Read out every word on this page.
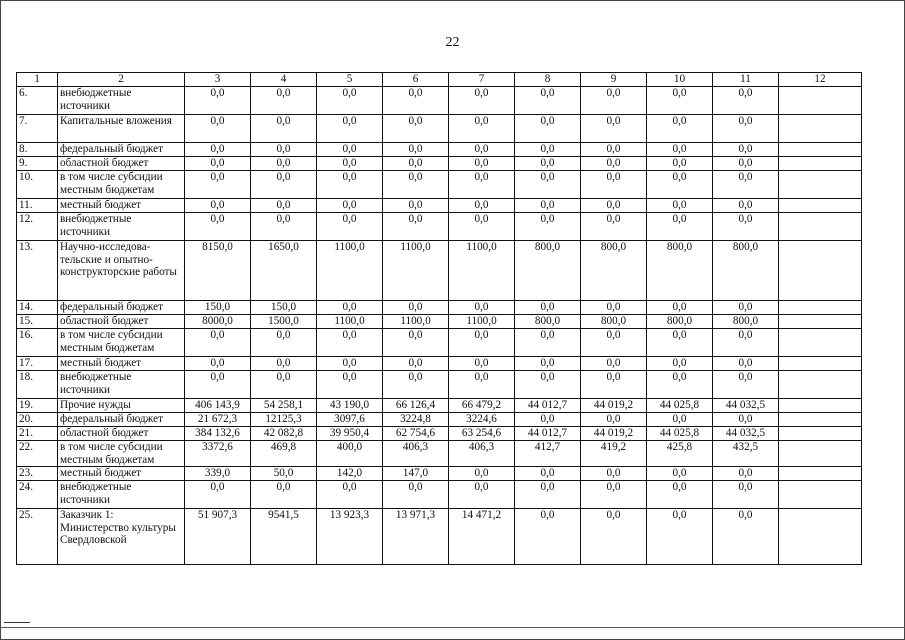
22
1	2	3	4	5	6	7	8	9	10	11	12
6.	внебюджетные источники	0,0	0,0	0,0	0,0	0,0	0,0	0,0	0,0	0,0	
7.	Капитальные вложения	0,0	0,0	0,0	0,0	0,0	0,0	0,0	0,0	0,0	
8.	федеральный бюджет	0,0	0,0	0,0	0,0	0,0	0,0	0,0	0,0	0,0	
9.	областной бюджет	0,0	0,0	0,0	0,0	0,0	0,0	0,0	0,0	0,0	
10.	в том числе субсидии местным бюджетам	0,0	0,0	0,0	0,0	0,0	0,0	0,0	0,0	0,0	
11.	местный бюджет	0,0	0,0	0,0	0,0	0,0	0,0	0,0	0,0	0,0	
12.	внебюджетные источники	0,0	0,0	0,0	0,0	0,0	0,0	0,0	0,0	0,0	
13.	Научно-исследова-тельские и опытно-конструкторские работы	8150,0	1650,0	1100,0	1100,0	1100,0	800,0	800,0	800,0	800,0	
14.	федеральный бюджет	150,0	150,0	0,0	0,0	0,0	0,0	0,0	0,0	0,0	
15.	областной бюджет	8000,0	1500,0	1100,0	1100,0	1100,0	800,0	800,0	800,0	800,0	
16.	в том числе субсидии местным бюджетам	0,0	0,0	0,0	0,0	0,0	0,0	0,0	0,0	0,0	
17.	местный бюджет	0,0	0,0	0,0	0,0	0,0	0,0	0,0	0,0	0,0	
18.	внебюджетные источники	0,0	0,0	0,0	0,0	0,0	0,0	0,0	0,0	0,0	
19.	Прочие нужды	406 143,9	54 258,1	43 190,0	66 126,4	66 479,2	44 012,7	44 019,2	44 025,8	44 032,5	
20.	федеральный бюджет	21 672,3	12125,3	3097,6	3224,8	3224,6	0,0	0,0	0,0	0,0	
21.	областной бюджет	384 132,6	42 082,8	39 950,4	62 754,6	63 254,6	44 012,7	44 019,2	44 025,8	44 032,5	
22.	в том числе субсидии местным бюджетам	3372,6	469,8	400,0	406,3	406,3	412,7	419,2	425,8	432,5	
23.	местный бюджет	339,0	50,0	142,0	147,0	0,0	0,0	0,0	0,0	0,0	
24.	внебюджетные источники	0,0	0,0	0,0	0,0	0,0	0,0	0,0	0,0	0,0	
25.	Заказчик 1: Министерство культуры Свердловской	51 907,3	9541,5	13 923,3	13 971,3	14 471,2	0,0	0,0	0,0	0,0	
